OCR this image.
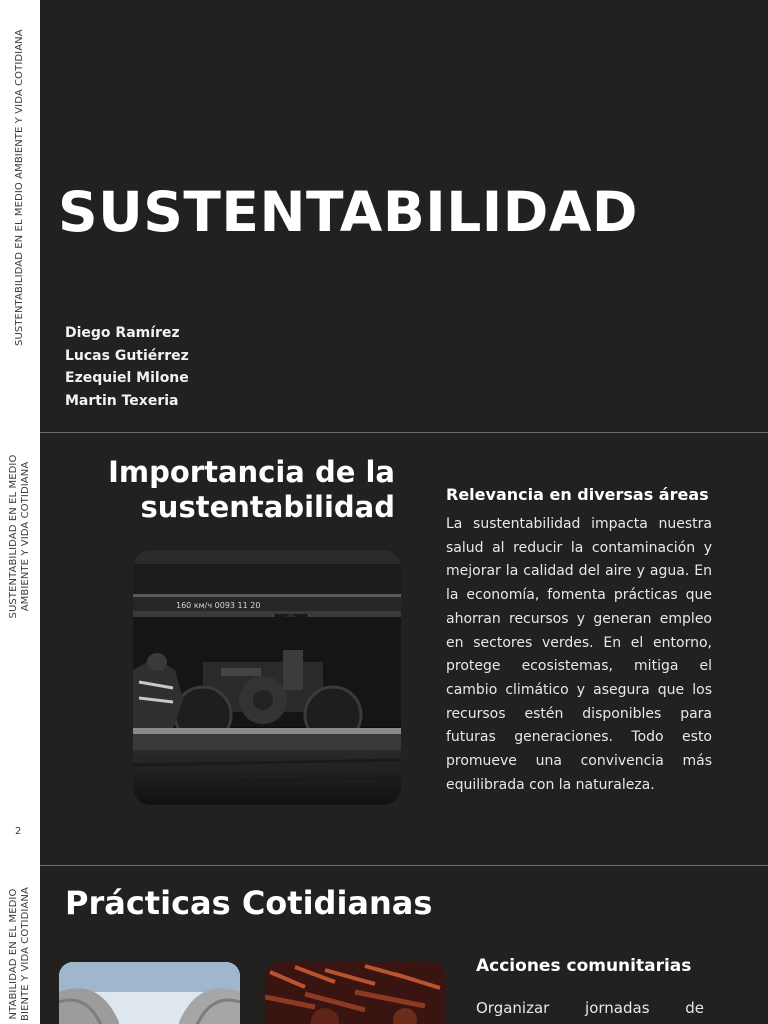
SUSTENTABILIDAD EN EL MEDIO AMBIENTE Y VIDA COTIDIANA
SUSTENTABILIDAD EN EL MEDIO AMBIENTE Y VIDA COTIDIANA
2
NTABILIDAD EN EL MEDIO BIENTE Y VIDA COTIDIANA
SUSTENTABILIDAD
Diego Ramírez
Lucas Gutiérrez
Ezequiel Milone
Martin Texeria
Importancia de la sustentabilidad
160 км/ч 0093 11 20
Relevancia en diversas áreas

La sustentabilidad impacta nuestra salud al reducir la contaminación y mejorar la calidad del aire y agua. En la economía, fomenta prácticas que ahorran recursos y generan empleo en sectores verdes. En el entorno, protege ecosistemas, mitiga el cambio climático y asegura que los recursos estén disponibles para futuras generaciones. Todo esto promueve una convivencia más equilibrada con la naturaleza.

Prácticas Cotidianas
Acciones comunitarias

Organizar jornadas de
